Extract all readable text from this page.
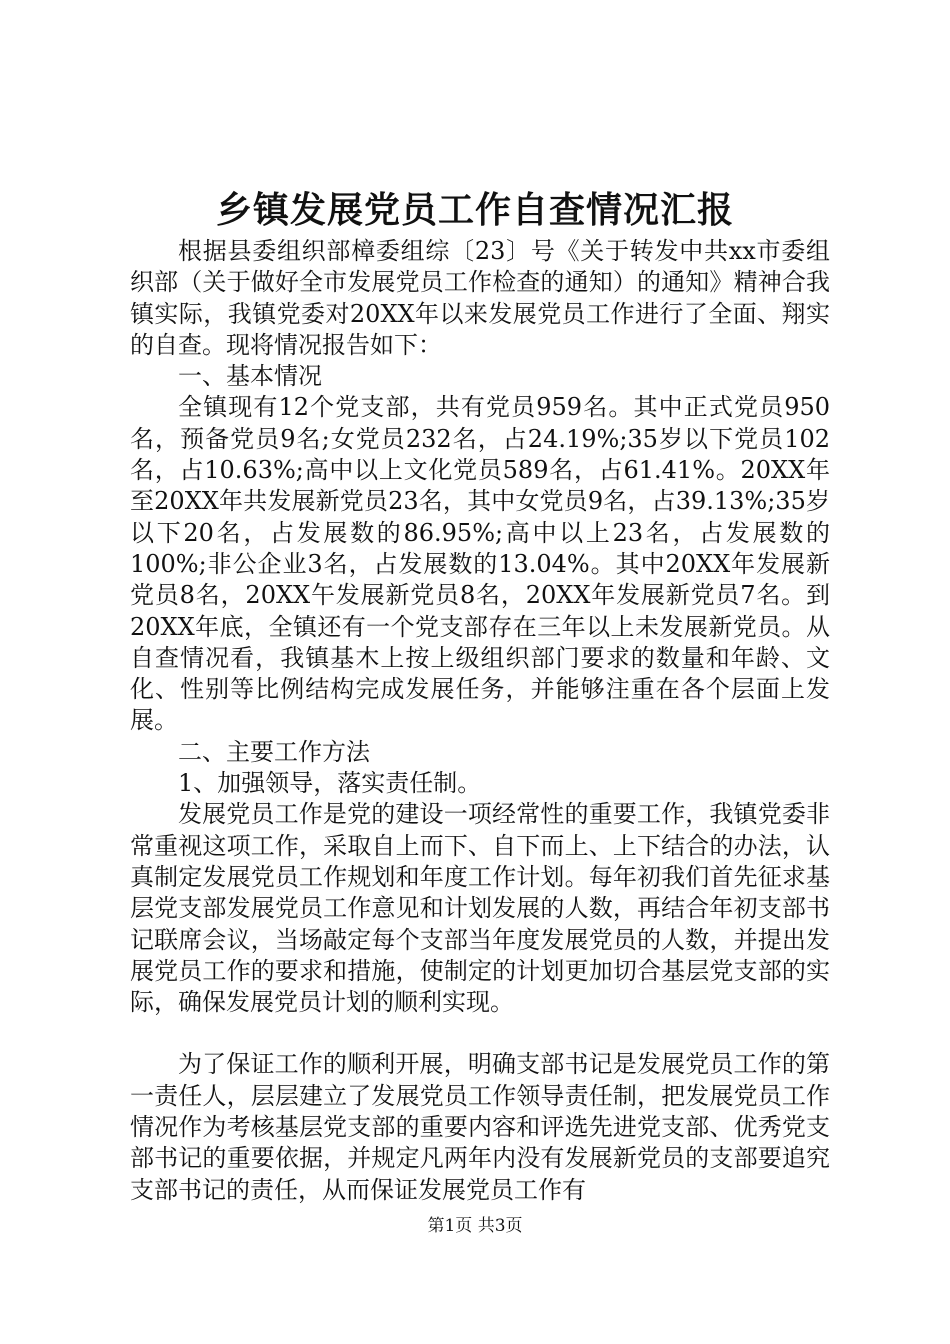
乡镇发展党员工作自查情况汇报

根据县委组织部樟委组综〔23〕号《关于转发中共xx市委组织部（关于做好全市发展党员工作检查的通知）的通知》精神合我镇实际，我镇党委对20XX年以来发展党员工作进行了全面、翔实的自查。现将情况报告如下：

一、基本情况

全镇现有12个党支部，共有党员959名。其中正式党员950名，预备党员9名;女党员232名，占24.19%;35岁以下党员102名，占10.63%;高中以上文化党员589名，占61.41%。20XX年至20XX年共发展新党员23名，其中女党员9名，占39.13%;35岁以下20名，占发展数的86.95%;高中以上23名，占发展数的100%;非公企业3名，占发展数的13.04%。其中20XX年发展新党员8名，20XX午发展新党员8名，20XX年发展新党员7名。到20XX年底，全镇还有一个党支部存在三年以上未发展新党员。从自查情况看，我镇基木上按上级组织部门要求的数量和年龄、文化、性别等比例结构完成发展任务，并能够注重在各个层面上发展。

二、主要工作方法

1、加强领导，落实责任制。

发展党员工作是党的建设一项经常性的重要工作，我镇党委非常重视这项工作，采取自上而下、自下而上、上下结合的办法，认真制定发展党员工作规划和年度工作计划。每年初我们首先征求基层党支部发展党员工作意见和计划发展的人数，再结合年初支部书记联席会议，当场敲定每个支部当年度发展党员的人数，并提出发展党员工作的要求和措施，使制定的计划更加切合基层党支部的实际，确保发展党员计划的顺利实现。

为了保证工作的顺利开展，明确支部书记是发展党员工作的第一责任人，层层建立了发展党员工作领导责任制，把发展党员工作情况作为考核基层党支部的重要内容和评选先进党支部、优秀党支部书记的重要依据，并规定凡两年内没有发展新党员的支部要追究支部书记的责任，从而保证发展党员工作有

第1页 共3页
